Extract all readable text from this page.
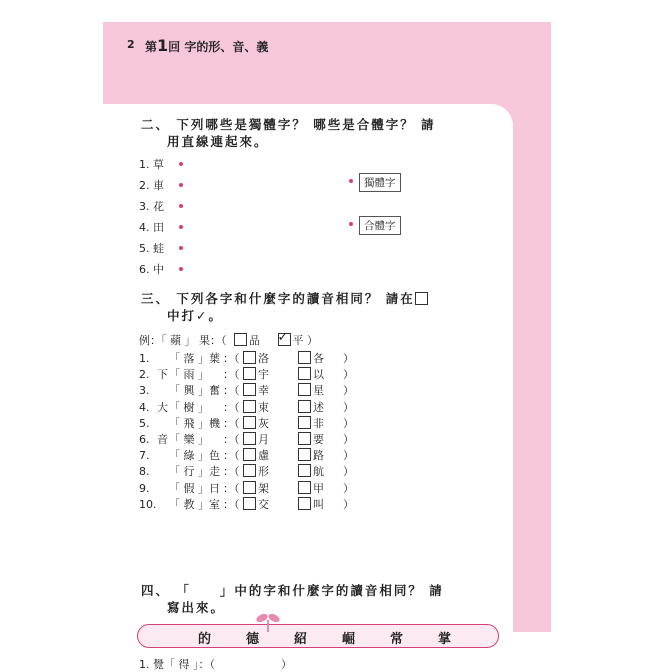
2 第1回 字的形、音、義
二、 下列哪些是獨體字？ 哪些是合體字？ 請
用直線連起來。
1. 草
2. 車
3. 花
4. 田
5. 蛙
6. 中
獨體字
合體字
三、 下列各字和什麼字的讀音相同？ 請在
中打✓。
例：「 蘋 」 果：（ 品 ✓ 平 ）
1. 「 落 」葉 ：（ 洛	各 ）
2. 下「 雨 」 ：（ 宇	以 ）
3. 「 興 」奮 ：（ 幸	星 ）
4. 大「 樹 」 ：（ 束	述 ）
5. 「 飛 」機 ：（ 灰	非 ）
6. 音「 樂 」 ：（ 月	要 ）
7. 「 綠 」色 ：（ 慮	路 ）
8. 「 行 」走 ：（ 形	航 ）
9. 「 假 」日 ：（ 架	甲 ）
10. 「 教 」室 ：（ 交	叫 ）
四、 「　　」中的字和什麼字的讀音相同？ 請
寫出來。
的	德	紹	崛	常	掌
1. 覺「 得 」：（　　　　　　）
